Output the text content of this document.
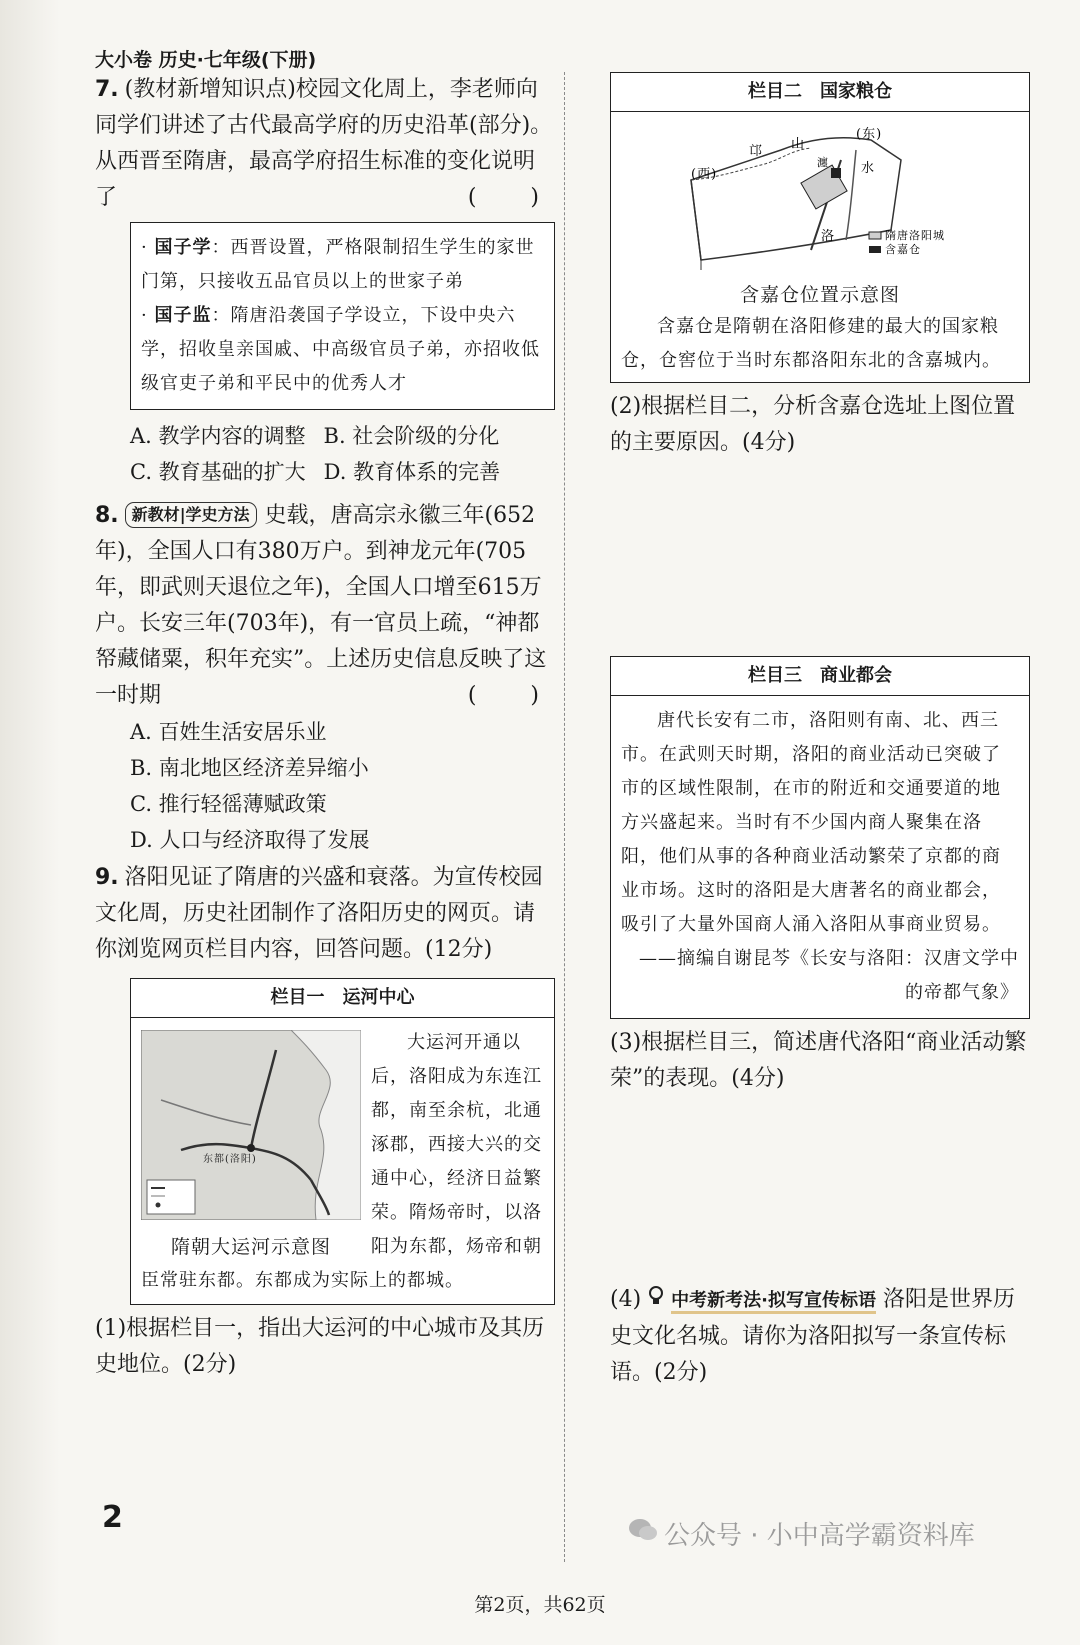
大小卷 历史·七年级(下册)

7. (教材新增知识点)校园文化周上，李老师向同学们讲述了古代最高学府的历史沿革(部分)。从西晋至隋唐，最高学府招生标准的变化说明了	(　)

· 国子学：西晋设置，严格限制招生学生的家世门第，只接收五品官员以上的世家子弟
· 国子监：隋唐沿袭国子学设立，下设中央六学，招收皇亲国戚、中高级官员子弟，亦招收低级官吏子弟和平民中的优秀人才
A. 教学内容的调整 B. 社会阶级的分化
C. 教育基础的扩大 D. 教育体系的完善

8. 新教材|学史方法 史载，唐高宗永徽三年(652年)，全国人口有380万户。到神龙元年(705年，即武则天退位之年)，全国人口增至615万户。长安三年(703年)，有一官员上疏，“神都帑藏储粟，积年充实”。上述历史信息反映了这一时期	(　)

A. 百姓生活安居乐业
B. 南北地区经济差异缩小
C. 推行轻徭薄赋政策
D. 人口与经济取得了发展

9. 洛阳见证了隋唐的兴盛和衰落。为宣传校园文化周，历史社团制作了洛阳历史的网页。请你浏览网页栏目内容，回答问题。(12分)

栏目一　运河中心
东都(洛阳)
隋朝大运河示意图

大运河开通以后，洛阳成为东连江都，南至余杭，北通涿郡，西接大兴的交通中心，经济日益繁荣。隋炀帝时，以洛阳为东都，炀帝和朝臣常驻东都。东都成为实际上的都城。

(1)根据栏目一，指出大运河的中心城市及其历史地位。(2分)

栏目二　国家粮仓
(东)
(西)
邙 山
洛
水
瀍
隋唐洛阳城
含嘉仓
含嘉仓位置示意图

含嘉仓是隋朝在洛阳修建的最大的国家粮仓，仓窖位于当时东都洛阳东北的含嘉城内。

(2)根据栏目二，分析含嘉仓选址上图位置的主要原因。(4分)

栏目三　商业都会

唐代长安有二市，洛阳则有南、北、西三市。在武则天时期，洛阳的商业活动已突破了市的区域性限制，在市的附近和交通要道的地方兴盛起来。当时有不少国内商人聚集在洛阳，他们从事的各种商业活动繁荣了京都的商业市场。这时的洛阳是大唐著名的商业都会，吸引了大量外国商人涌入洛阳从事商业贸易。

——摘编自谢昆芩《长安与洛阳：汉唐文学中的帝都气象》

(3)根据栏目三，简述唐代洛阳“商业活动繁荣”的表现。(4分)

(4) 中考新考法·拟写宣传标语 洛阳是世界历史文化名城。请你为洛阳拟写一条宣传标语。(2分)

2
公众号 · 小中高学霸资料库
第2页，共62页
